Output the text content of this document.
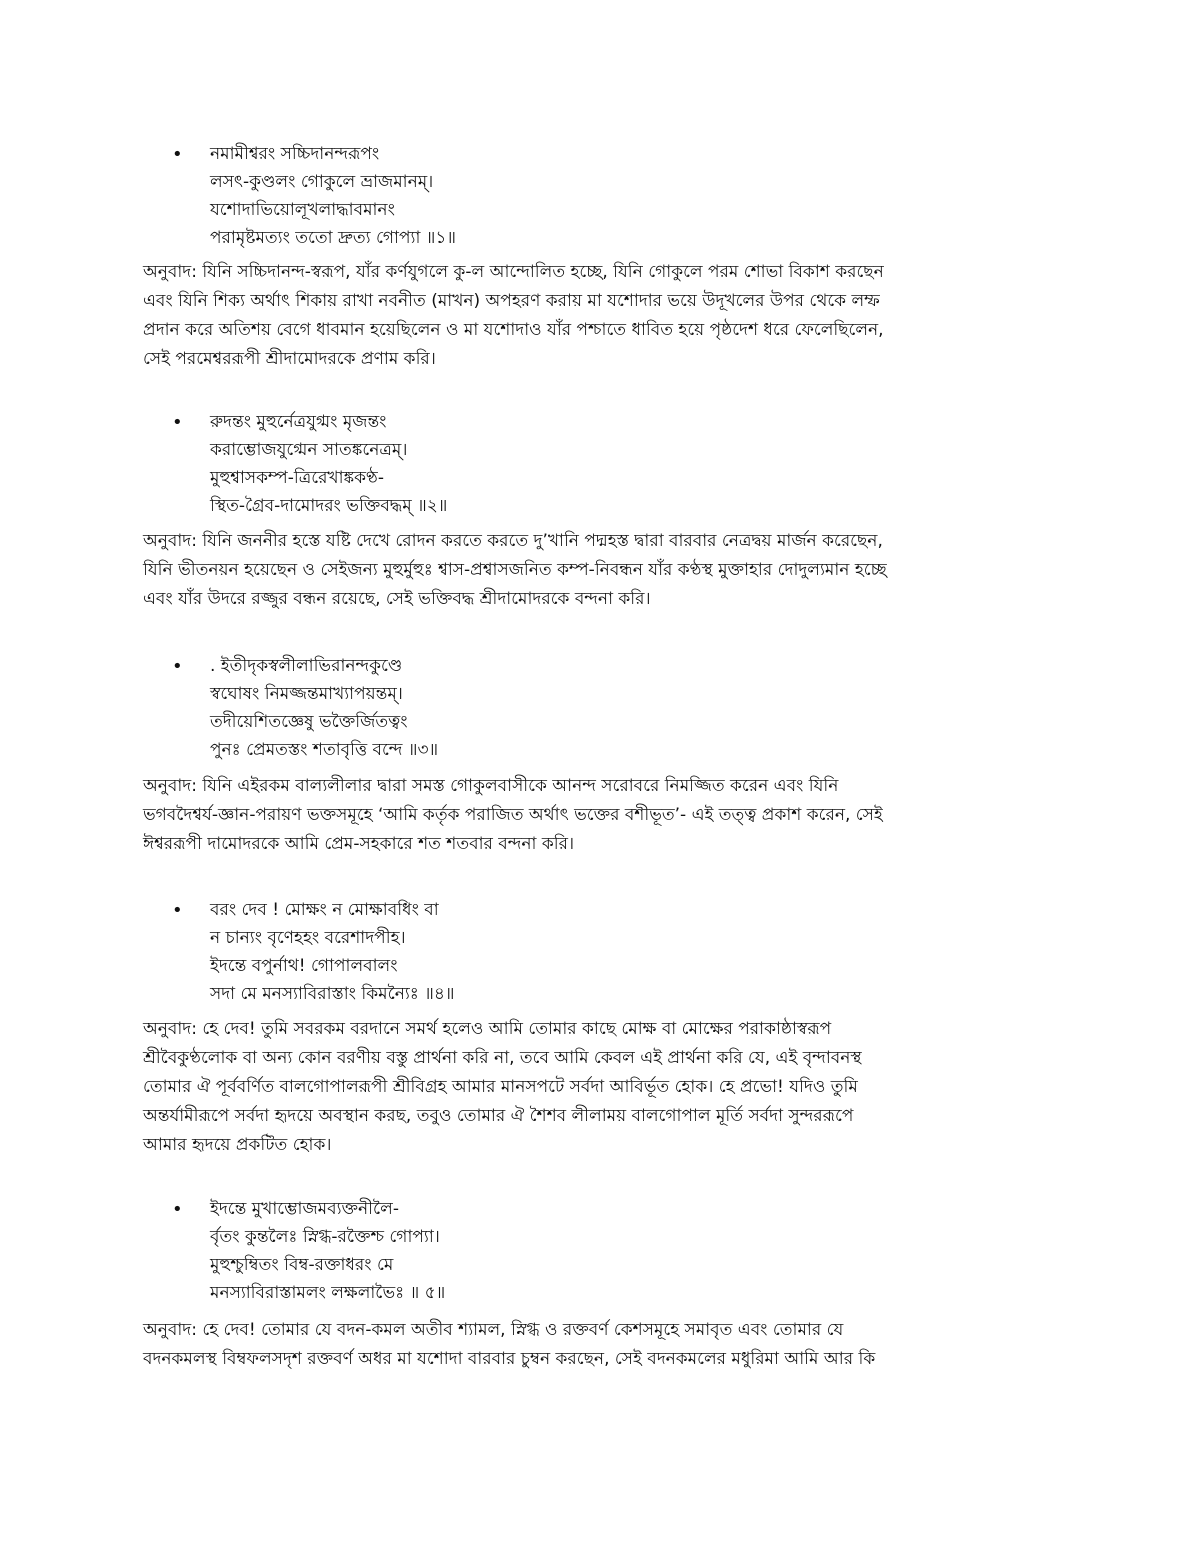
• নমামীশ্বরং সচ্চিদানন্দরূপং
লসৎ-কুণ্ডলং গোকুলে ভ্রাজমানম্‌।
যশোদাভিয়োলূখলাদ্ধাবমানং
পরামৃষ্টমত্যং ততো দ্রুত্য গোপ্যা ॥১॥
অনুবাদ: যিনি সচ্চিদানন্দ-স্বরূপ, যাঁর কর্ণযুগলে কু-ল আন্দোলিত হচ্ছে, যিনি গোকুলে পরম শোভা বিকাশ করছেন
এবং যিনি শিক্য অর্থাৎ শিকায় রাখা নবনীত (মাখন) অপহরণ করায় মা যশোদার ভয়ে উদূখলের উপর থেকে লম্ফ
প্রদান করে অতিশয় বেগে ধাবমান হয়েছিলেন ও মা যশোদাও যাঁর পশ্চাতে ধাবিত হয়ে পৃষ্ঠদেশ ধরে ফেলেছিলেন,
সেই পরমেশ্বররূপী শ্রীদামোদরকে প্রণাম করি।
• রুদন্তং মুহুর্নেত্রযুগ্মং মৃজন্তং
করাম্ভোজযুগ্মেন সাতঙ্কনেত্রম্‌।
মুহুশ্বাসকম্প-ত্রিরেখাঙ্ককণ্ঠ-
স্থিত-গ্রৈব-দামোদরং ভক্তিবদ্ধম্‌ ॥২॥
অনুবাদ: যিনি জননীর হস্তে যষ্টি দেখে রোদন করতে করতে দু’খানি পদ্মহস্ত দ্বারা বারবার নেত্রদ্বয় মার্জন করেছেন,
যিনি ভীতনয়ন হয়েছেন ও সেইজন্য মুহুর্মুহুঃ শ্বাস-প্রশ্বাসজনিত কম্প-নিবন্ধন যাঁর কণ্ঠস্থ মুক্তাহার দোদুল্যমান হচ্ছে
এবং যাঁর উদরে রজ্জুর বন্ধন রয়েছে, সেই ভক্তিবদ্ধ শ্রীদামোদরকে বন্দনা করি।
• . ইতীদৃকস্বলীলাভিরানন্দকুণ্ডে
স্বঘোষং নিমজ্জন্তমাখ্যাপয়ন্তম্‌।
তদীয়েশিতজ্ঞেষু ভক্তৈর্জিতত্বং
পুনঃ প্রেমতস্তং শতাবৃত্তি বন্দে ॥৩॥
অনুবাদ: যিনি এইরকম বাল্যলীলার দ্বারা সমস্ত গোকুলবাসীকে আনন্দ সরোবরে নিমজ্জিত করেন এবং যিনি
ভগবদৈশ্বর্য-জ্ঞান-পরায়ণ ভক্তসমূহে ‘আমি কর্তৃক পরাজিত অর্থাৎ ভক্তের বশীভূত’- এই তত্ত্ব প্রকাশ করেন, সেই
ঈশ্বররূপী দামোদরকে আমি প্রেম-সহকারে শত শতবার বন্দনা করি।
• বরং দেব ! মোক্ষং ন মোক্ষাবধিং বা
ন চান্যং বৃণেহহং বরেশাদপীহ।
ইদন্তে বপুর্নাথ! গোপালবালং
সদা মে মনস্যাবিরাস্তাং কিমন্যৈঃ ॥৪॥
অনুবাদ: হে দেব! তুমি সবরকম বরদানে সমর্থ হলেও আমি তোমার কাছে মোক্ষ বা মোক্ষের পরাকাষ্ঠাস্বরূপ
শ্রীবৈকুণ্ঠলোক বা অন্য কোন বরণীয় বস্তু প্রার্থনা করি না, তবে আমি কেবল এই প্রার্থনা করি যে, এই বৃন্দাবনস্থ
তোমার ঐ পূর্ববর্ণিত বালগোপালরূপী শ্রীবিগ্রহ আমার মানসপটে সর্বদা আবির্ভূত হোক। হে প্রভো! যদিও তুমি
অন্তর্যামীরূপে সর্বদা হৃদয়ে অবস্থান করছ, তবুও তোমার ঐ শৈশব লীলাময় বালগোপাল মূর্তি সর্বদা সুন্দররূপে
আমার হৃদয়ে প্রকটিত হোক।
• ইদন্তে মুখাম্ভোজমব্যক্তনীলৈ-
র্বৃতং কুন্তলৈঃ স্নিগ্ধ-রক্তৈশ্চ গোপ্যা।
মুহুশ্চুম্বিতং বিম্ব-রক্তাধরং মে
মনস্যাবিরাস্তামলং লক্ষলাভৈঃ ॥ ৫॥
অনুবাদ: হে দেব! তোমার যে বদন-কমল অতীব শ্যামল, স্নিগ্ধ ও রক্তবর্ণ কেশসমূহে সমাবৃত এবং তোমার যে
বদনকমলস্থ বিম্বফলসদৃশ রক্তবর্ণ অধর মা যশোদা বারবার চুম্বন করছেন, সেই বদনকমলের মধুরিমা আমি আর কি
